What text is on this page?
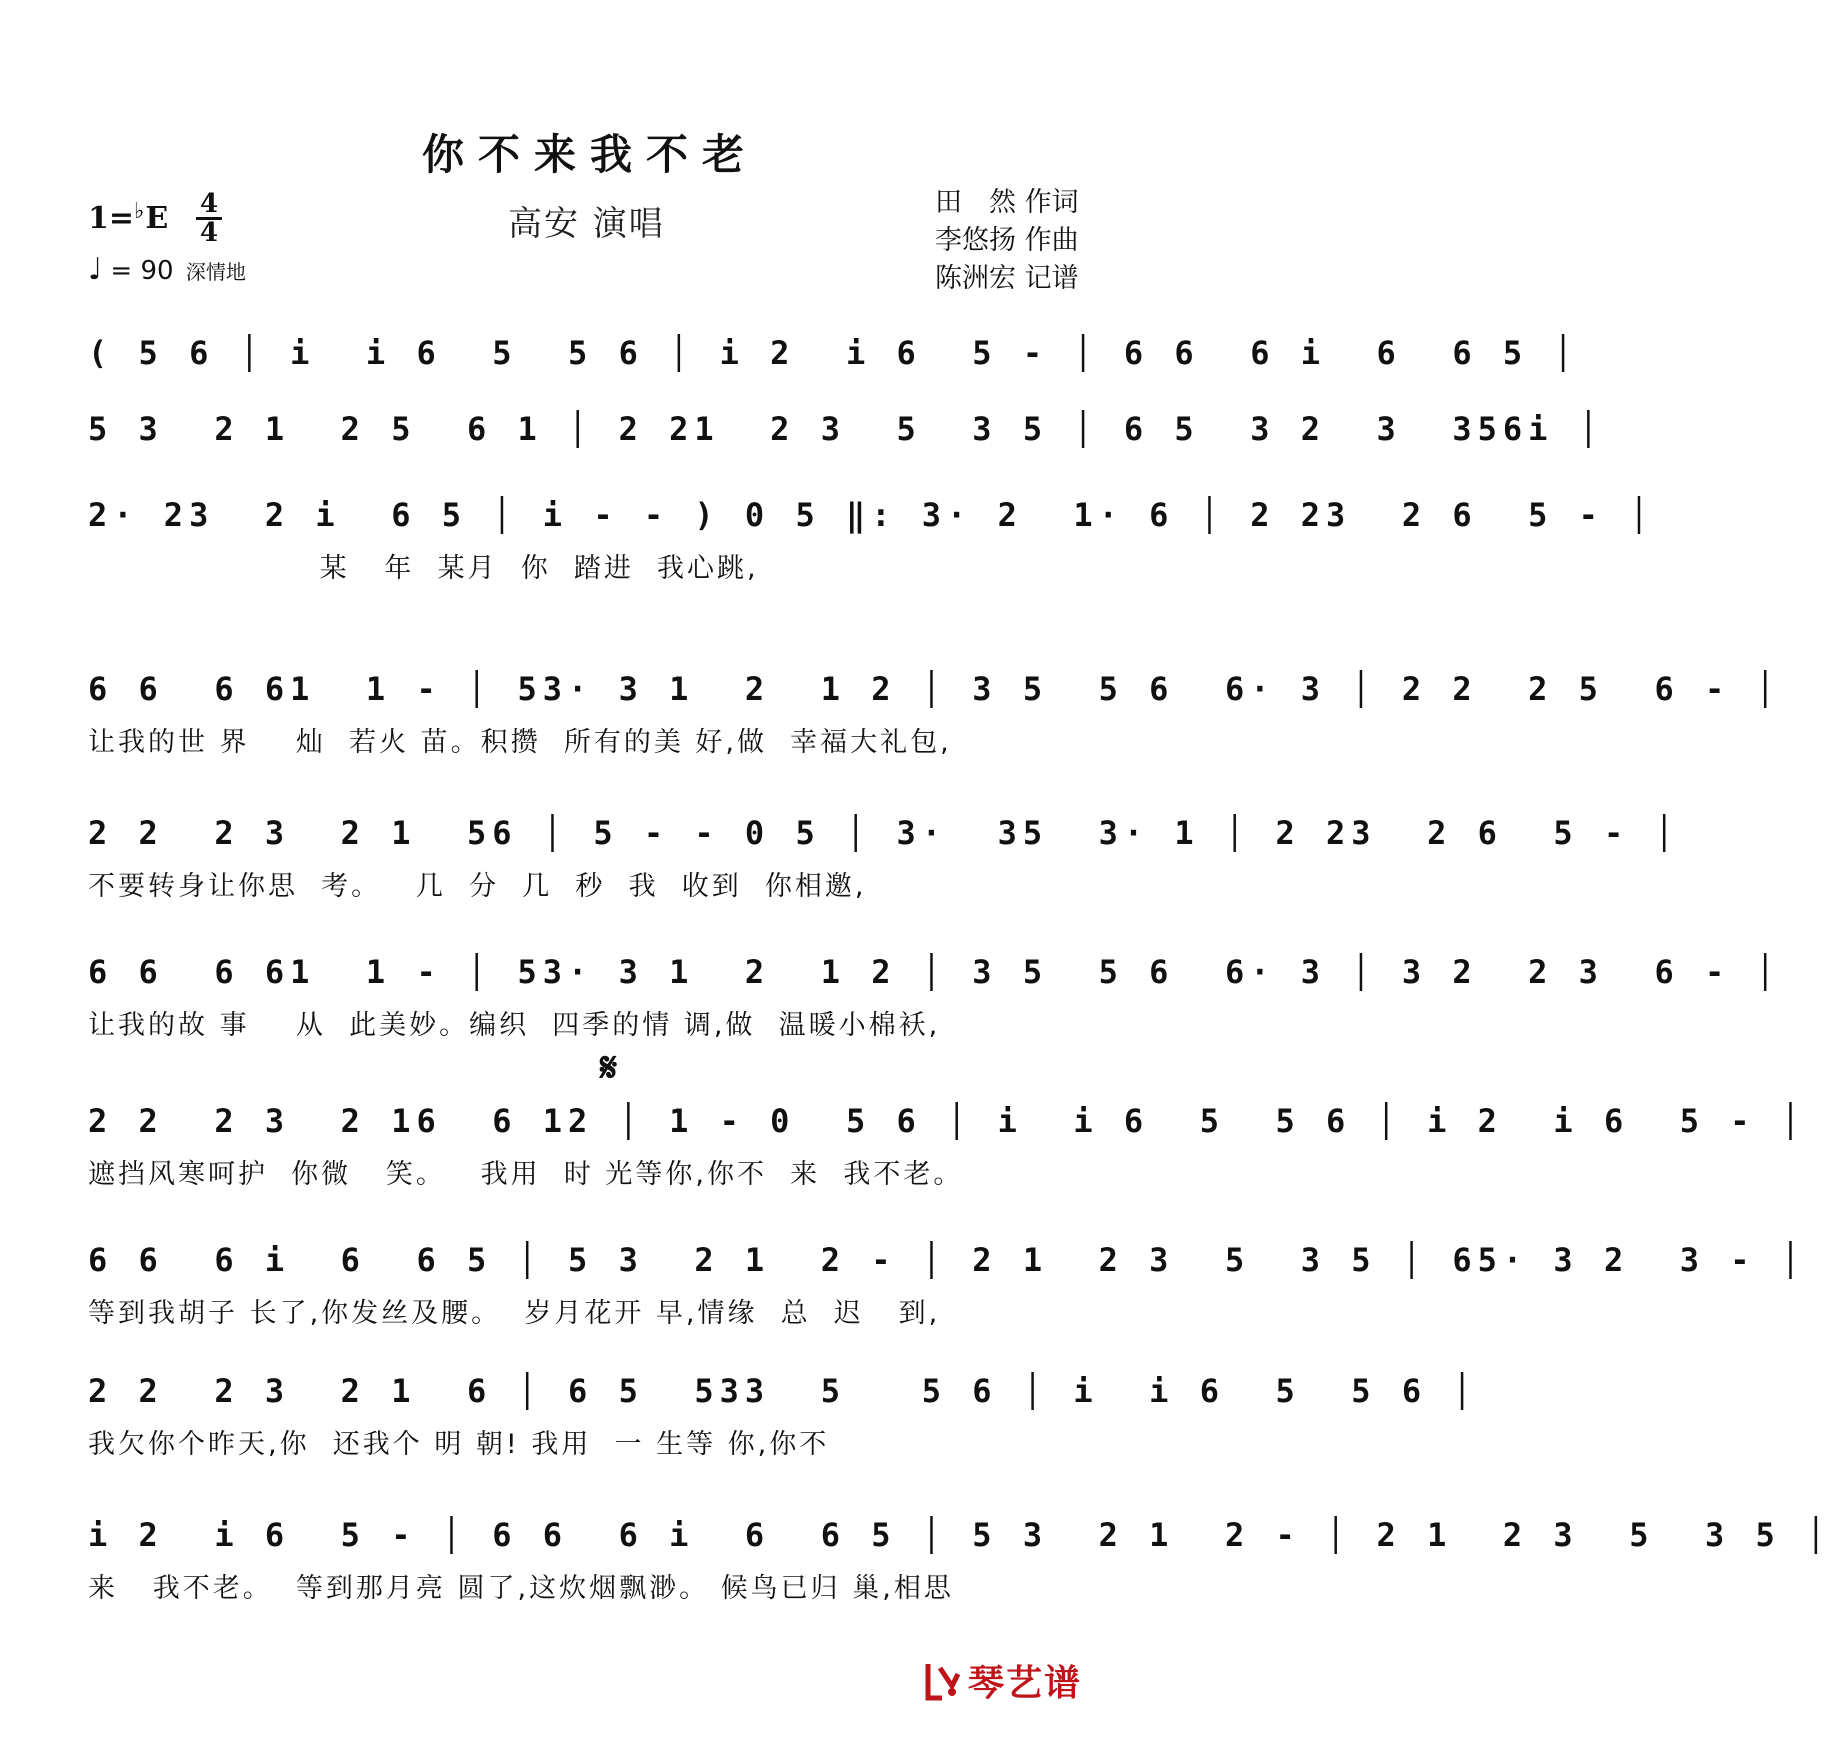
你不来我不老
1=♭E 4
4
♩ = 90 深情地
高安 演唱
田　然 作词
李悠扬 作曲
陈洲宏 记谱
( 5 6 │ i  i 6  5  5 6 │ i 2  i 6  5 - │ 6 6  6 i  6  6 5 │
5 3  2 1  2 5  6 1 │ 2 21  2 3  5  3 5 │ 6 5  3 2  3  356i │
2· 23  2 i  6 5 │ i - - ) 0 5 ‖: 3· 2  1· 6 │ 2 23  2 6  5 - │
某   年  某月  你  踏进  我心跳,
6 6  6 61  1 - │ 53· 3 1  2  1 2 │ 3 5  5 6  6· 3 │ 2 2  2 5  6 - │
让我的世 界    灿  若火 苗。积攒  所有的美 好,做  幸福大礼包,
2 2  2 3  2 1  56 │ 5 - - 0 5 │ 3·  35  3· 1 │ 2 23  2 6  5 - │
不要转身让你思  考。   几  分  几  秒  我  收到  你相邀,
6 6  6 61  1 - │ 53· 3 1  2  1 2 │ 3 5  5 6  6· 3 │ 3 2  2 3  6 - │
让我的故 事    从  此美妙。编织  四季的情 调,做  温暖小棉袄,
𝄋
2 2  2 3  2 16  6 12 │ 1 - 0  5 6 │ i  i 6  5  5 6 │ i 2  i 6  5 - │
遮挡风寒呵护  你微   笑。   我用  时 光等你,你不  来  我不老。
6 6  6 i  6  6 5 │ 5 3  2 1  2 - │ 2 1  2 3  5  3 5 │ 65· 3 2  3 - │
等到我胡子 长了,你发丝及腰。  岁月花开 早,情缘  总  迟   到,
2 2  2 3  2 1  6 │ 6 5  533  5   5 6 │ i  i 6  5  5 6 │
我欠你个昨天,你  还我个 明 朝! 我用  一 生等 你,你不
i 2  i 6  5 - │ 6 6  6 i  6  6 5 │ 5 3  2 1  2 - │ 2 1  2 3  5  3 5 │
来   我不老。  等到那月亮 圆了,这炊烟飘渺。 候鸟已归 巢,相思
琴艺谱
